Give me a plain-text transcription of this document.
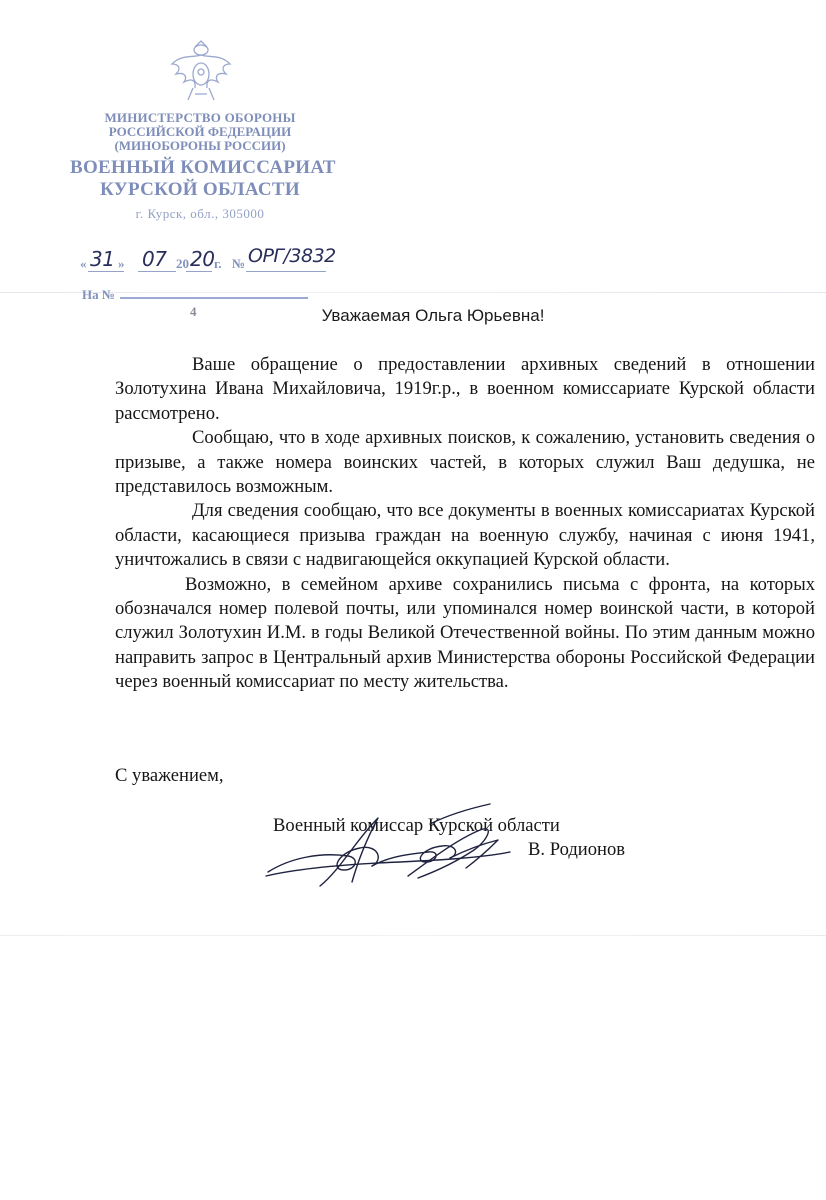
МИНИСТЕРСТВО ОБОРОНЫ
РОССИЙСКОЙ ФЕДЕРАЦИИ
(МИНОБОРОНЫ РОССИИ)
ВОЕННЫЙ КОМИССАРИАТ
КУРСКОЙ ОБЛАСТИ
г. Курск, обл., 305000
« 31 » 07 20 20 г. № ОРГ/3832
На №
4	Уважаемая Ольга Юрьевна!

Ваше обращение о предоставлении архивных сведений в отношении Золотухина Ивана Михайловича, 1919г.р., в военном комиссариате Курской области рассмотрено.

Сообщаю, что в ходе архивных поисков, к сожалению, установить сведения о призыве, а также номера воинских частей, в которых служил Ваш дедушка, не представилось возможным.

Для сведения сообщаю, что все документы в военных комиссариатах Курской области, касающиеся призыва граждан на военную службу, начиная с июня 1941, уничтожались в связи с надвигающейся оккупацией Курской области.

Возможно, в семейном архиве сохранились письма с фронта, на которых обозначался номер полевой почты, или упоминался номер воинской части, в которой служил Золотухин И.М. в годы Великой Отечественной войны. По этим данным можно направить запрос в Центральный архив Министерства обороны Российской Федерации через военный комиссариат по месту жительства.

С уважением,
Военный комиссар Курской области
В. Родионов
